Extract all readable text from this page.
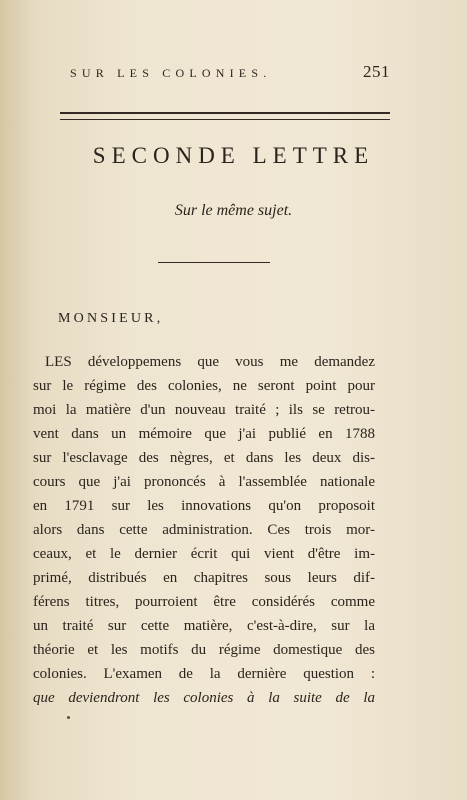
SUR LES COLONIES.	251
SECONDE LETTRE
Sur le même sujet.
MONSIEUR,
LES développemens que vous me demandez
sur le régime des colonies, ne seront point pour
moi la matière d'un nouveau traité ; ils se retrou-
vent dans un mémoire que j'ai publié en 1788
sur l'esclavage des nègres, et dans les deux dis-
cours que j'ai prononcés à l'assemblée nationale
en 1791 sur les innovations qu'on proposoit
alors dans cette administration. Ces trois mor-
ceaux, et le dernier écrit qui vient d'être im-
primé, distribués en chapitres sous leurs dif-
férens titres, pourroient être considérés comme
un traité sur cette matière, c'est-à-dire, sur la
théorie et les motifs du régime domestique des
colonies. L'examen de la dernière question :
que deviendront les colonies à la suite de la
